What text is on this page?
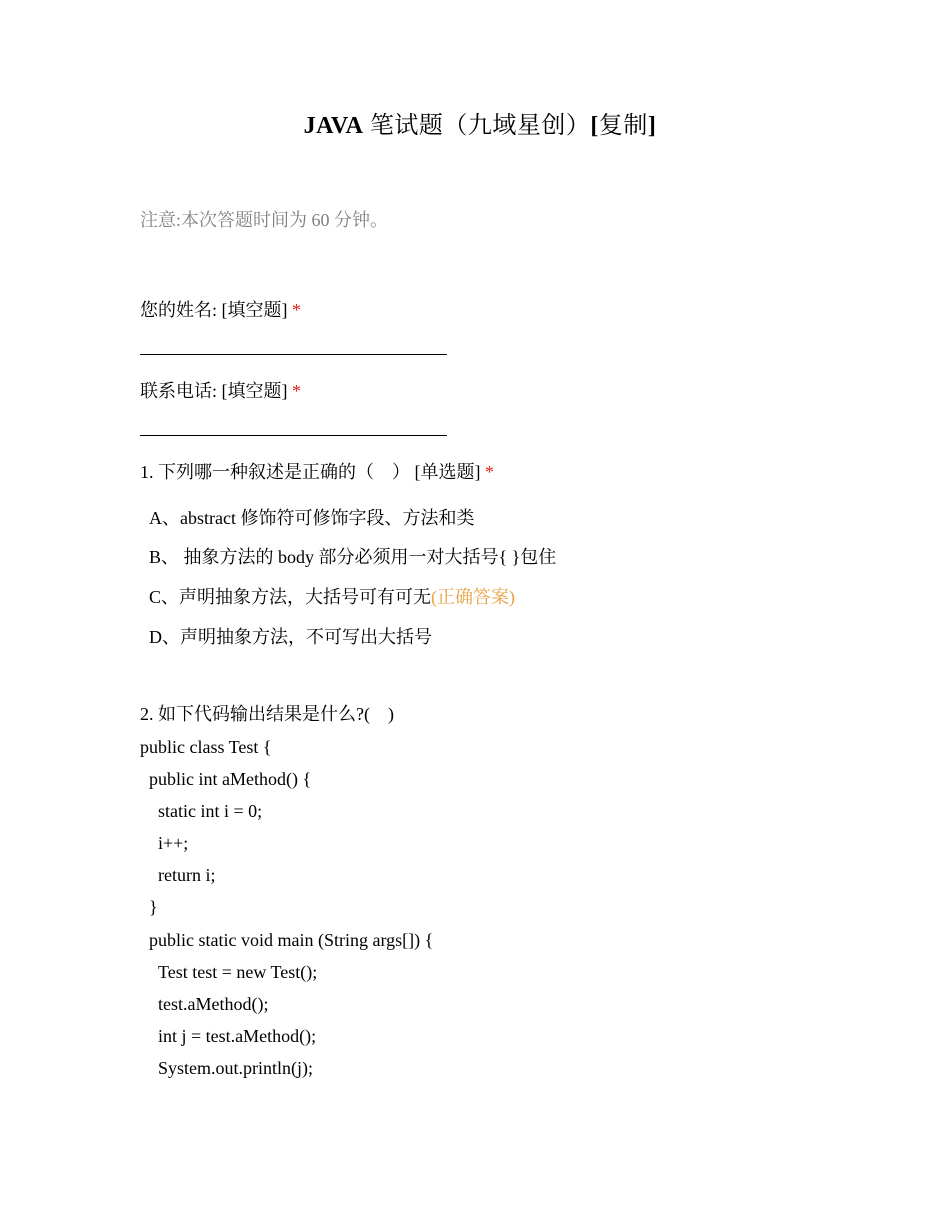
JAVA 笔试题（九域星创）[复制]
注意:本次答题时间为 60 分钟。
您的姓名: [填空题] *
联系电话: [填空题] *
1. 下列哪一种叙述是正确的（　） [单选题] *
A、abstract 修饰符可修饰字段、方法和类
B、 抽象方法的 body 部分必须用一对大括号{ }包住
C、声明抽象方法，大括号可有可无(正确答案)
D、声明抽象方法，不可写出大括号
2. 如下代码输出结果是什么?(　)
public class Test {
public int aMethod() {
static int i = 0;
i++;
return i;
}
public static void main (String args[]) {
Test test = new Test();
test.aMethod();
int j = test.aMethod();
System.out.println(j);
